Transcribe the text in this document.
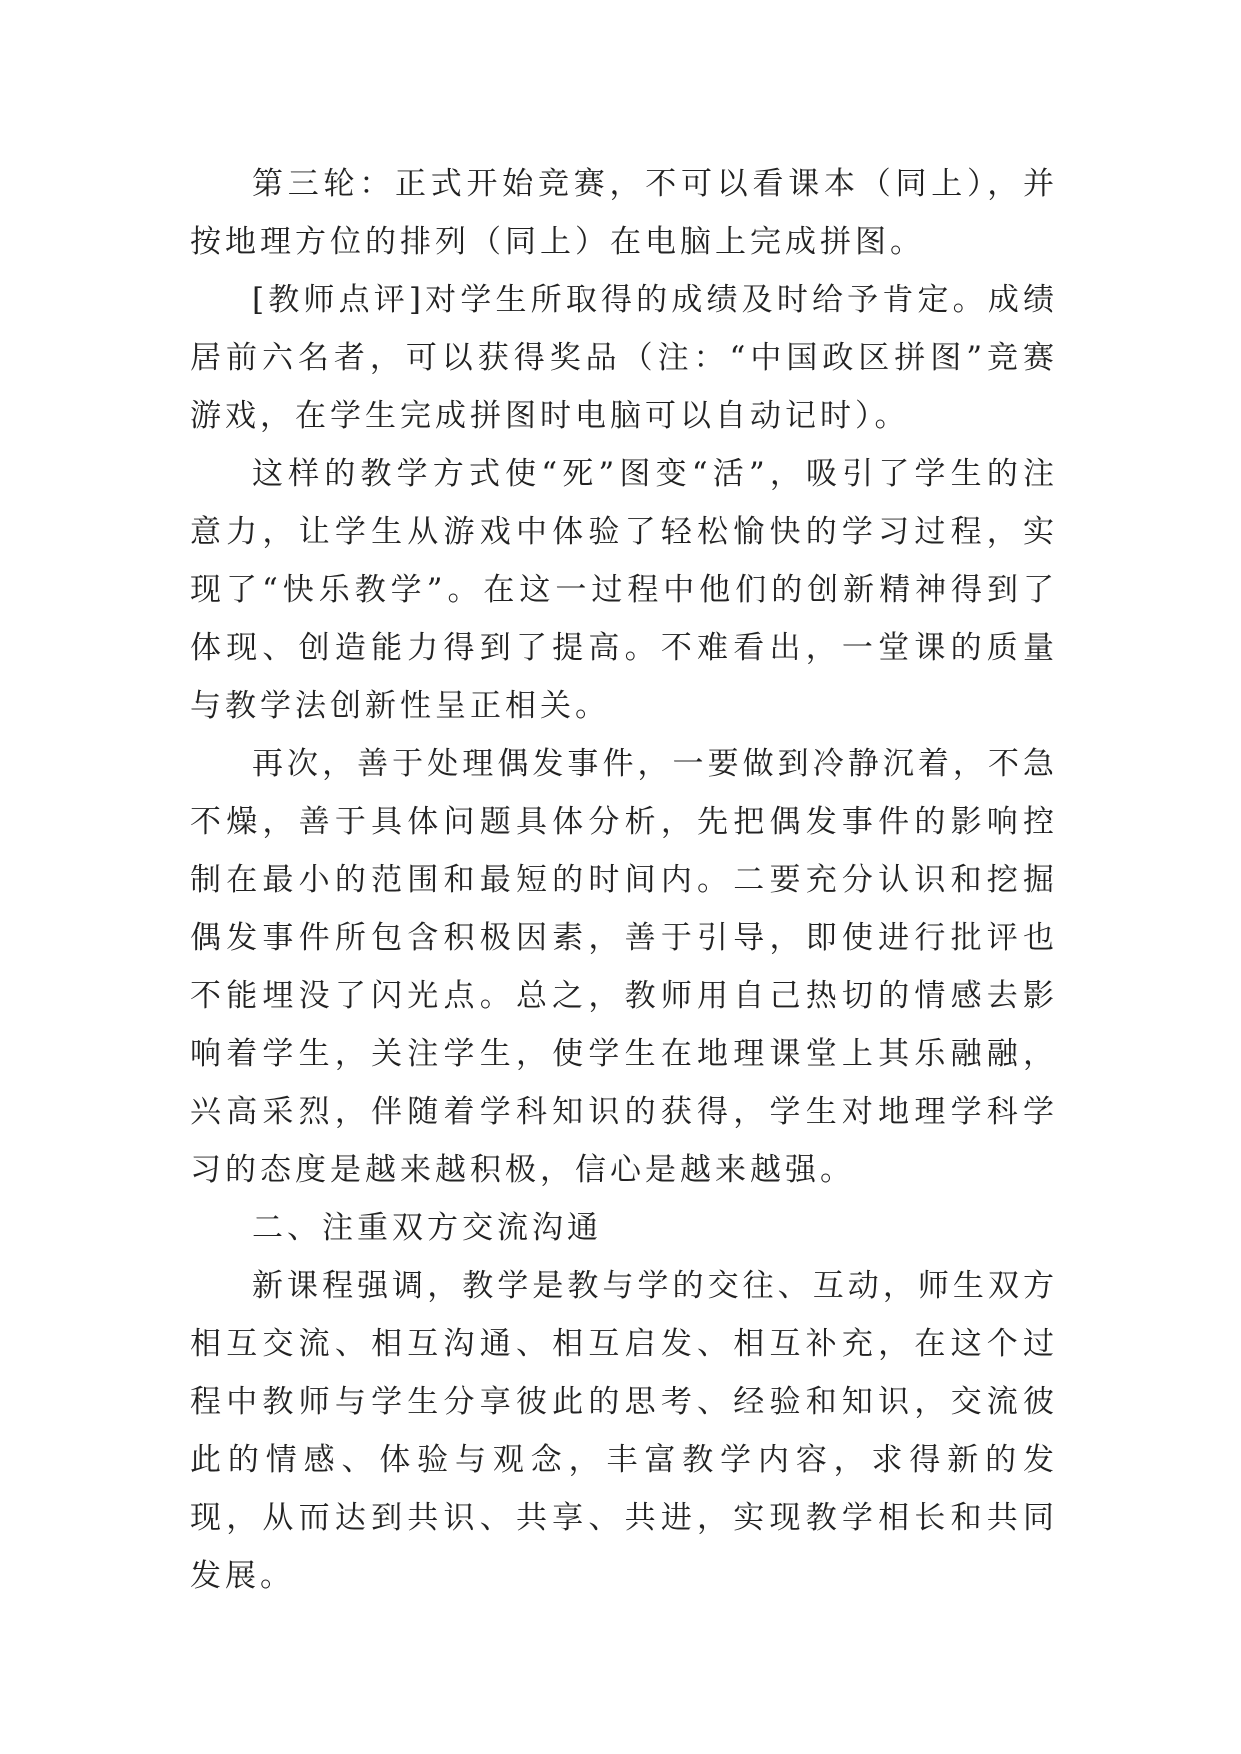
第三轮：正式开始竞赛，不可以看课本（同上），并按地理方位的排列（同上）在电脑上完成拼图。

[教师点评]对学生所取得的成绩及时给予肯定。成绩居前六名者，可以获得奖品（注：“中国政区拼图”竞赛游戏，在学生完成拼图时电脑可以自动记时）。

这样的教学方式使“死”图变“活”，吸引了学生的注意力，让学生从游戏中体验了轻松愉快的学习过程，实现了“快乐教学”。在这一过程中他们的创新精神得到了体现、创造能力得到了提高。不难看出，一堂课的质量与教学法创新性呈正相关。

再次，善于处理偶发事件，一要做到冷静沉着，不急不燥，善于具体问题具体分析，先把偶发事件的影响控制在最小的范围和最短的时间内。二要充分认识和挖掘偶发事件所包含积极因素，善于引导，即使进行批评也不能埋没了闪光点。总之，教师用自己热切的情感去影响着学生，关注学生，使学生在地理课堂上其乐融融，兴高采烈，伴随着学科知识的获得，学生对地理学科学习的态度是越来越积极，信心是越来越强。

二、注重双方交流沟通

新课程强调，教学是教与学的交往、互动，师生双方相互交流、相互沟通、相互启发、相互补充，在这个过程中教师与学生分享彼此的思考、经验和知识，交流彼此的情感、体验与观念，丰富教学内容，求得新的发现，从而达到共识、共享、共进，实现教学相长和共同发展。
